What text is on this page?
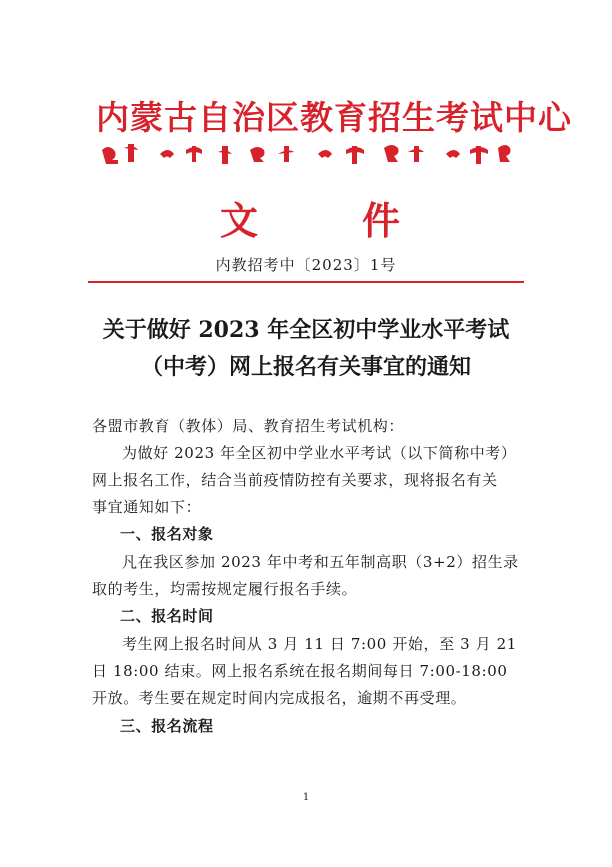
内蒙古自治区教育招生考试中心
文	件
内教招考中〔2023〕1号
关于做好 2023 年全区初中学业水平考试
（中考）网上报名有关事宜的通知
各盟市教育（教体）局、教育招生考试机构：
为做好 2023 年全区初中学业水平考试（以下简称中考）
网上报名工作，结合当前疫情防控有关要求，现将报名有关
事宜通知如下：
一、报名对象
凡在我区参加 2023 年中考和五年制高职（3+2）招生录
取的考生，均需按规定履行报名手续。
二、报名时间
考生网上报名时间从 3 月 11 日 7:00 开始，至 3 月 21
日 18:00 结束。网上报名系统在报名期间每日 7:00-18:00
开放。考生要在规定时间内完成报名，逾期不再受理。
三、报名流程
1
